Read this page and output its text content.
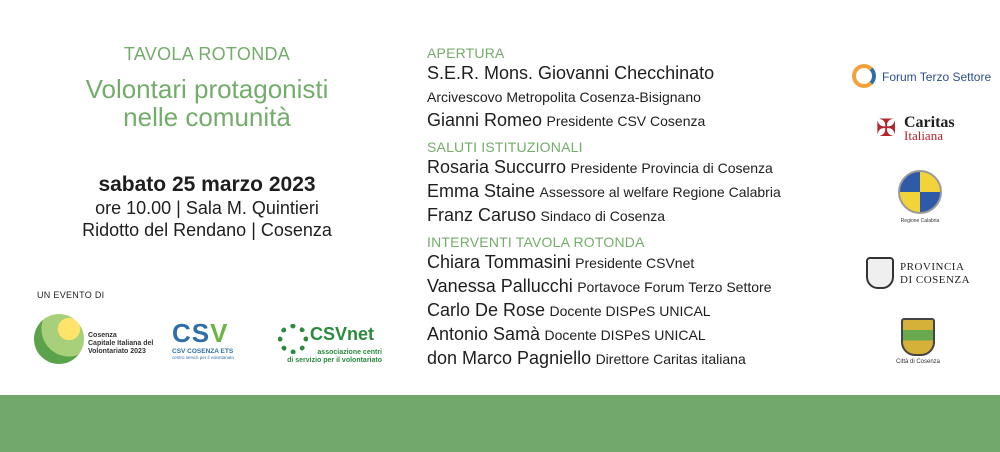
TAVOLA ROTONDA
Volontari protagonisti
nelle comunità
sabato 25 marzo 2023
ore 10.00 | Sala M. Quintieri
Ridotto del Rendano | Cosenza
UN EVENTO DI
Cosenza
Capitale Italiana del
Volontariato 2023
CSV
CSV COSENZA ETS
centro servizi per il volontariato
CSVnet
associazione centri
di servizio per il volontariato
APERTURA
S.E.R. Mons. Giovanni Checchinato
Arcivescovo Metropolita Cosenza-Bisignano
Gianni Romeo Presidente CSV Cosenza
SALUTI ISTITUZIONALI
Rosaria Succurro Presidente Provincia di Cosenza
Emma Staine Assessore al welfare Regione Calabria
Franz Caruso Sindaco di Cosenza
INTERVENTI TAVOLA ROTONDA
Chiara Tommasini Presidente CSVnet
Vanessa Pallucchi Portavoce Forum Terzo Settore
Carlo De Rose Docente DISPeS UNICAL
Antonio Samà Docente DISPeS UNICAL
don Marco Pagniello Direttore Caritas italiana
Forum Terzo Settore
✠ Caritas
Italiana
Regione Calabria
PROVINCIA
DI COSENZA
Città di Cosenza
